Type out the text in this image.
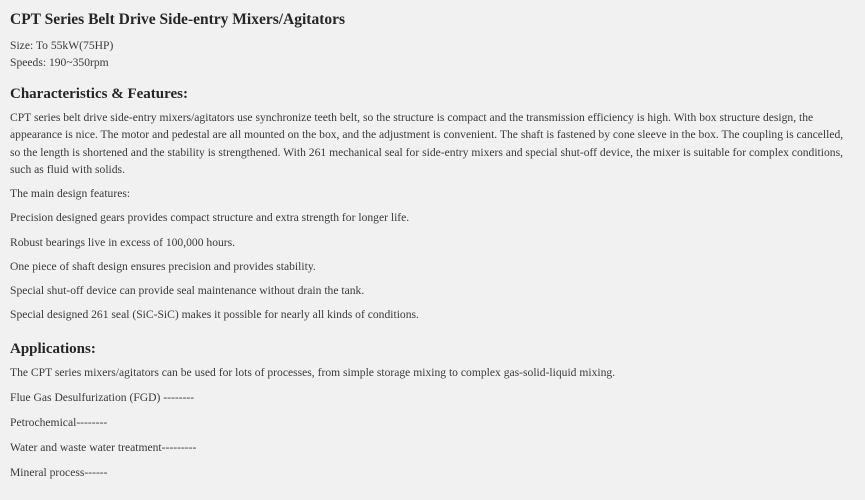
CPT Series Belt Drive Side-entry Mixers/Agitators

Size: To 55kW(75HP)

Speeds: 190~350rpm

Characteristics & Features:

CPT series belt drive side-entry mixers/agitators use synchronize teeth belt, so the structure is compact and the transmission efficiency is high. With box structure design, the appearance is nice. The motor and pedestal are all mounted on the box, and the adjustment is convenient. The shaft is fastened by cone sleeve in the box. The coupling is cancelled, so the length is shortened and the stability is strengthened. With 261 mechanical seal for side-entry mixers and special shut-off device, the mixer is suitable for complex conditions, such as fluid with solids.

The main design features:

Precision designed gears provides compact structure and extra strength for longer life.

Robust bearings live in excess of 100,000 hours.

One piece of shaft design ensures precision and provides stability.

Special shut-off device can provide seal maintenance without drain the tank.

Special designed 261 seal (SiC-SiC) makes it possible for nearly all kinds of conditions.

Applications:

The CPT series mixers/agitators can be used for lots of processes, from simple storage mixing to complex gas-solid-liquid mixing.

Flue Gas Desulfurization (FGD) --------

Petrochemical--------

Water and waste water treatment---------

Mineral process------
